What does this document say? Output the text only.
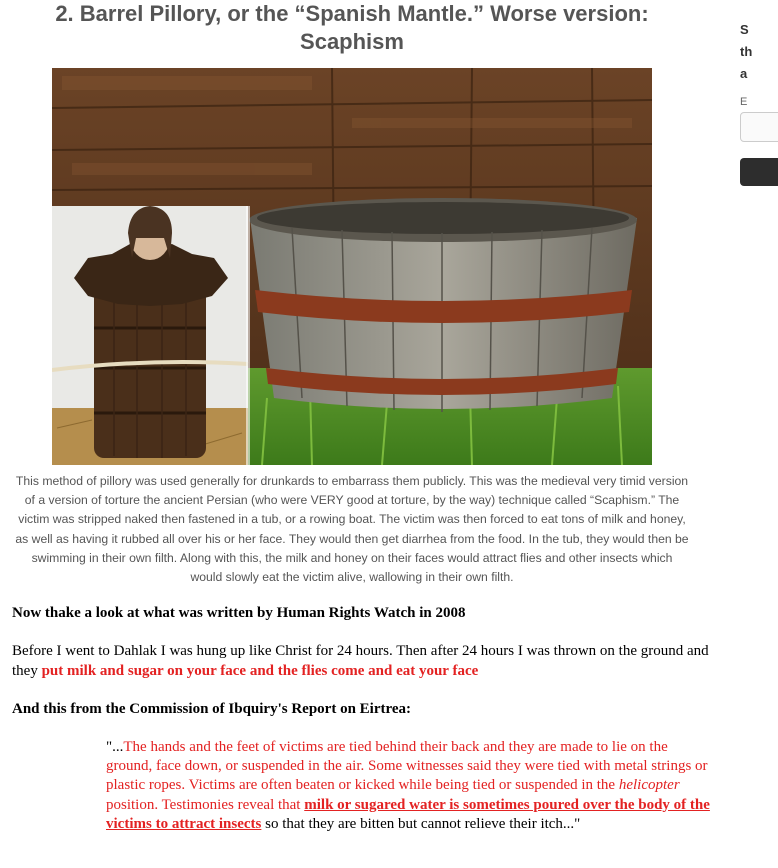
2. Barrel Pillory, or the “Spanish Mantle.” Worse version:
Scaphism
This method of pillory was used generally for drunkards to embarrass them publicly. This was the medieval very timid version of a version of torture the ancient Persian (who were VERY good at torture, by the way) technique called “Scaphism.” The victim was stripped naked then fastened in a tub, or a rowing boat. The victim was then forced to eat tons of milk and honey, as well as having it rubbed all over his or her face. They would then get diarrhea from the food. In the tub, they would then be swimming in their own filth. Along with this, the milk and honey on their faces would attract flies and other insects which would slowly eat the victim alive, wallowing in their own filth.
Now thake a look at what was written by Human Rights Watch in 2008
Before I went to Dahlak I was hung up like Christ for 24 hours. Then after 24 hours I was thrown on the ground and they put milk and sugar on your face and the flies come and eat your face
And this from the Commission of Ibquiry's Report on Eirtrea:
"...The hands and the feet of victims are tied behind their back and they are made to lie on the ground, face down, or suspended in the air. Some witnesses said they were tied with metal strings or plastic ropes. Victims are often beaten or kicked while being tied or suspended in the helicopter position. Testimonies reveal that milk or sugared water is sometimes poured over the body of the victims to attract insects so that they are bitten but cannot relieve their itch..."
S
th
a
E
